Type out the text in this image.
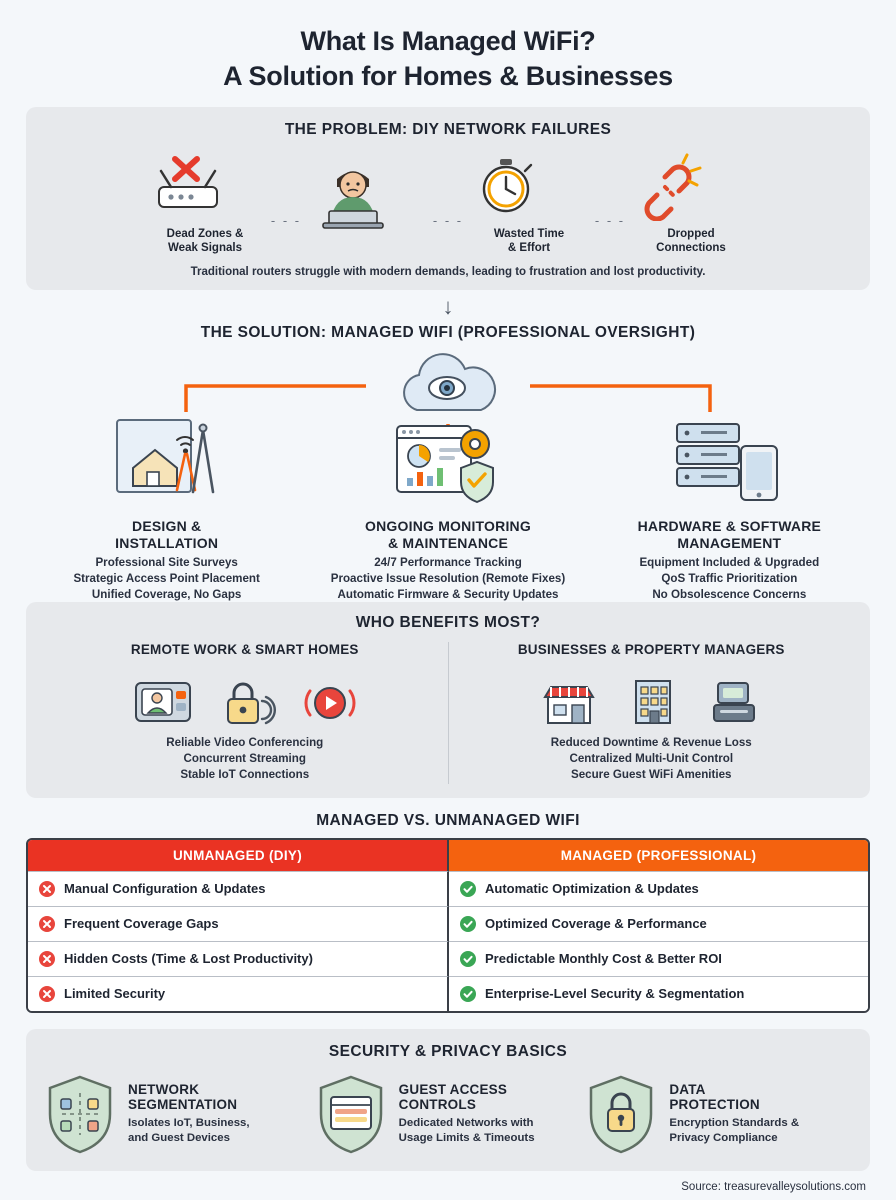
What Is Managed WiFi?
A Solution for Homes & Businesses
THE PROBLEM: DIY NETWORK FAILURES
Dead Zones &
Weak Signals
- - -
	- - -
Wasted Time
& Effort
- - -
Dropped
Connections
Traditional routers struggle with modern demands, leading to frustration and lost productivity.
↓
THE SOLUTION: MANAGED WIFI (PROFESSIONAL OVERSIGHT)
DESIGN &
INSTALLATION

Professional Site Surveys
Strategic Access Point Placement
Unified Coverage, No Gaps

ONGOING MONITORING
& MAINTENANCE

24/7 Performance Tracking
Proactive Issue Resolution (Remote Fixes)
Automatic Firmware & Security Updates

HARDWARE & SOFTWARE
MANAGEMENT

Equipment Included & Upgraded
QoS Traffic Prioritization
No Obsolescence Concerns

WHO BENEFITS MOST?
REMOTE WORK & SMART HOMES

Reliable Video Conferencing
Concurrent Streaming
Stable IoT Connections

BUSINESSES & PROPERTY MANAGERS

Reduced Downtime & Revenue Loss
Centralized Multi-Unit Control
Secure Guest WiFi Amenities

MANAGED VS. UNMANAGED WIFI
UNMANAGED (DIY)	MANAGED (PROFESSIONAL)
Manual Configuration & Updates	Automatic Optimization & Updates
Frequent Coverage Gaps	Optimized Coverage & Performance
Hidden Costs (Time & Lost Productivity)	Predictable Monthly Cost & Better ROI
Limited Security	Enterprise-Level Security & Segmentation
SECURITY & PRIVACY BASICS
NETWORK
SEGMENTATION

Isolates IoT, Business,
and Guest Devices

GUEST ACCESS
CONTROLS

Dedicated Networks with
Usage Limits & Timeouts

DATA
PROTECTION

Encryption Standards &
Privacy Compliance

Source: treasurevalleysolutions.com
